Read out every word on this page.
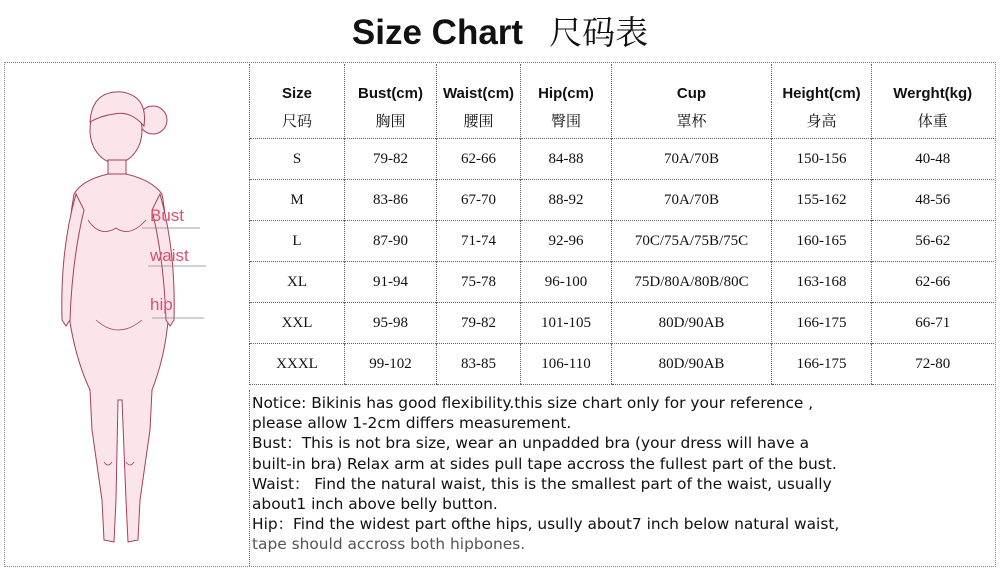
Size Chart 尺码表
Bust
waist
hip
Size	Bust(cm)	Waist(cm)	Hip(cm)	Cup	Height(cm)	Werght(kg)
尺码	胸围	腰围	臀围	罩杯	身高	体重
S	79-82	62-66	84-88	70A/70B	150-156	40-48
M	83-86	67-70	88-92	70A/70B	155-162	48-56
L	87-90	71-74	92-96	70C/75A/75B/75C	160-165	56-62
XL	91-94	75-78	96-100	75D/80A/80B/80C	163-168	62-66
XXL	95-98	79-82	101-105	80D/90AB	166-175	66-71
XXXL	99-102	83-85	106-110	80D/90AB	166-175	72-80

Notice: Bikinis has good flexibility.this size chart only for your reference ,

please allow 1-2cm differs measurement.

Bust：This is not bra size, wear an unpadded bra (your dress will have a

built-in bra) Relax arm at sides pull tape accross the fullest part of the bust.

Waist： Find the natural waist, this is the smallest part of the waist, usually

about1 inch above belly button.

Hip：Find the widest part ofthe hips, usully about7 inch below natural waist,

tape should accross both hipbones.
